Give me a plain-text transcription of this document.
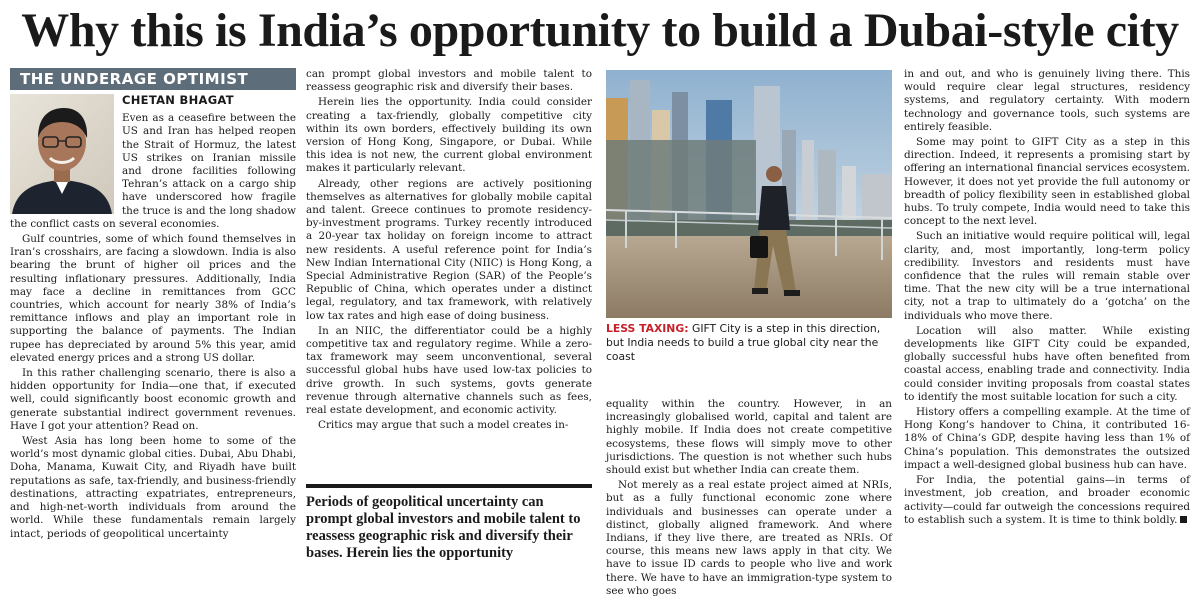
Why this is India’s opportunity to build a Dubai-style city
THE UNDERAGE OPTIMIST
CHETAN BHAGAT

Even as a ceasefire between the US and Iran has helped reopen the Strait of Hormuz, the latest US strikes on Iranian missile and drone facilities following Tehran’s attack on a cargo ship have underscored how fragile the truce is and the long shadow the conflict casts on several economies.

Gulf countries, some of which found themselves in Iran’s crosshairs, are facing a slowdown. India is also bearing the brunt of higher oil prices and the resulting inflationary pressures. Additionally, India may face a decline in remittances from GCC countries, which account for nearly 38% of India’s remittance inflows and play an important role in supporting the balance of payments. The Indian rupee has depreciated by around 5% this year, amid elevated energy prices and a strong US dollar.

In this rather challenging scenario, there is also a hidden opportunity for India—one that, if executed well, could significantly boost economic growth and generate substantial indirect government revenues. Have I got your attention? Read on.

West Asia has long been home to some of the world’s most dynamic global cities. Dubai, Abu Dhabi, Doha, Manama, Kuwait City, and Riyadh have built reputations as safe, tax-friendly, and business-friendly destinations, attracting expatriates, entrepreneurs, and high-net-worth individuals from around the world. While these fundamentals remain largely intact, periods of geopolitical uncertainty

can prompt global investors and mobile talent to reassess geographic risk and diversify their bases.

Herein lies the opportunity. India could consider creating a tax-friendly, globally competitive city within its own borders, effectively building its own version of Hong Kong, Singapore, or Dubai. While this idea is not new, the current global environment makes it particularly relevant.

Already, other regions are actively positioning themselves as alternatives for globally mobile capital and talent. Greece continues to promote residency-by-investment programs. Turkey recently introduced a 20-year tax holiday on foreign income to attract new residents. A useful reference point for India’s New Indian International City (NIIC) is Hong Kong, a Special Administrative Region (SAR) of the People’s Republic of China, which operates under a distinct legal, regulatory, and tax framework, with relatively low tax rates and high ease of doing business.

In an NIIC, the differentiator could be a highly competitive tax and regulatory regime. While a zero-tax framework may seem unconventional, several successful global hubs have used low-tax policies to drive growth. In such systems, govts generate revenue through alternative channels such as fees, real estate development, and economic activity.

Critics may argue that such a model creates in-

Periods of geopolitical uncertainty can prompt global investors and mobile talent to reassess geographic risk and diversify their bases. Herein lies the opportunity
LESS TAXING: GIFT City is a step in this direction, but India needs to build a true global city near the coast

equality within the country. However, in an increasingly globalised world, capital and talent are highly mobile. If India does not create competitive ecosystems, these flows will simply move to other jurisdictions. The question is not whether such hubs should exist but whether India can create them.

Not merely as a real estate project aimed at NRIs, but as a fully functional economic zone where individuals and businesses can operate under a distinct, globally aligned framework. And where Indians, if they live there, are treated as NRIs. Of course, this means new laws apply in that city. We have to issue ID cards to people who live and work there. We have to have an immigration-type system to see who goes

in and out, and who is genuinely living there. This would require clear legal structures, residency systems, and regulatory certainty. With modern technology and governance tools, such systems are entirely feasible.

Some may point to GIFT City as a step in this direction. Indeed, it represents a promising start by offering an international financial services ecosystem. However, it does not yet provide the full autonomy or breadth of policy flexibility seen in established global hubs. To truly compete, India would need to take this concept to the next level.

Such an initiative would require political will, legal clarity, and, most importantly, long-term policy credibility. Investors and residents must have confidence that the rules will remain stable over time. That the new city will be a true international city, not a trap to ultimately do a ‘gotcha’ on the individuals who move there.

Location will also matter. While existing developments like GIFT City could be expanded, globally successful hubs have often benefited from coastal access, enabling trade and connectivity. India could consider inviting proposals from coastal states to identify the most suitable location for such a city.

History offers a compelling example. At the time of Hong Kong’s handover to China, it contributed 16-18% of China’s GDP, despite having less than 1% of China’s population. This demonstrates the outsized impact a well-designed global business hub can have.

For India, the potential gains—in terms of investment, job creation, and broader economic activity—could far outweigh the concessions required to establish such a system. It is time to think boldly.
